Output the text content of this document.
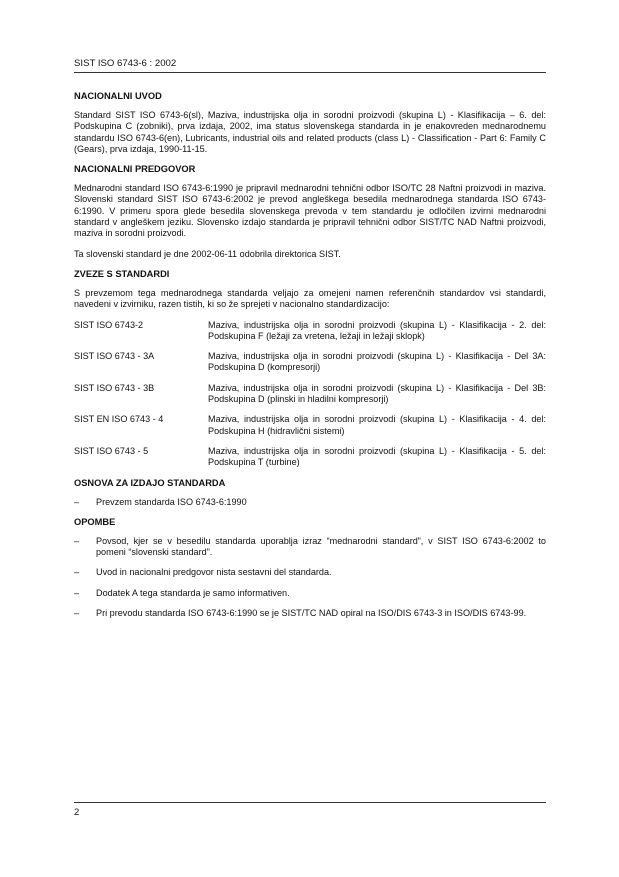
SIST ISO 6743-6 : 2002
NACIONALNI UVOD

Standard SIST ISO 6743-6(sl), Maziva, industrijska olja in sorodni proizvodi (skupina L) - Klasifikacija – 6. del: Podskupina C (zobniki), prva izdaja, 2002, ima status slovenskega standarda in je enakovreden mednarodnemu standardu ISO 6743-6(en), Lubricants, industrial oils and related products (class L) - Classification - Part 6: Family C (Gears), prva izdaja, 1990-11-15.

NACIONALNI PREDGOVOR

Mednarodni standard ISO 6743-6:1990 je pripravil mednarodni tehnični odbor ISO/TC 28 Naftni proizvodi in maziva. Slovenski standard SIST ISO 6743-6:2002 je prevod angleškega besedila mednarodnega standarda ISO 6743-6:1990. V primeru spora glede besedila slovenskega prevoda v tem standardu je odločilen izvirni mednarodni standard v angleškem jeziku. Slovensko izdajo standarda je pripravil tehnični odbor SIST/TC NAD Naftni proizvodi, maziva in sorodni proizvodi.

Ta slovenski standard je dne 2002-06-11 odobrila direktorica SIST.

ZVEZE S STANDARDI

S prevzemom tega mednarodnega standarda veljajo za omejeni namen referenčnih standardov vsi standardi, navedeni v izvirniku, razen tistih, ki so že sprejeti v nacionalno standardizacijo:

SIST ISO 6743-2	Maziva, industrijska olja in sorodni proizvodi (skupina L) - Klasifikacija - 2. del: Podskupina F (ležaji za vretena, ležaji in ležaji sklopk)
SIST ISO 6743 - 3A	Maziva, industrijska olja in sorodni proizvodi (skupina L) - Klasifikacija - Del 3A: Podskupina D (kompresorji)
SIST ISO 6743 - 3B	Maziva, industrijska olja in sorodni proizvodi (skupina L) - Klasifikacija - Del 3B: Podskupina D (plinski in hladilni kompresorji)
SIST EN ISO 6743 - 4	Maziva, industrijska olja in sorodni proizvodi (skupina L) - Klasifikacija - 4. del: Podskupina H (hidravlični sistemi)
SIST ISO 6743 - 5	Maziva, industrijska olja in sorodni proizvodi (skupina L) - Klasifikacija - 5. del: Podskupina T (turbine)
OSNOVA ZA IZDAJO STANDARDA
–	Prevzem standarda ISO 6743-6:1990
OPOMBE
–	Povsod, kjer se v besedilu standarda uporablja izraz “mednarodni standard”, v SIST ISO 6743-6:2002 to pomeni “slovenski standard”.
–	Uvod in nacionalni predgovor nista sestavni del standarda.
–	Dodatek A tega standarda je samo informativen.
–	Pri prevodu standarda ISO 6743-6:1990 se je SIST/TC NAD opiral na ISO/DIS 6743-3 in ISO/DIS 6743-99.
2
